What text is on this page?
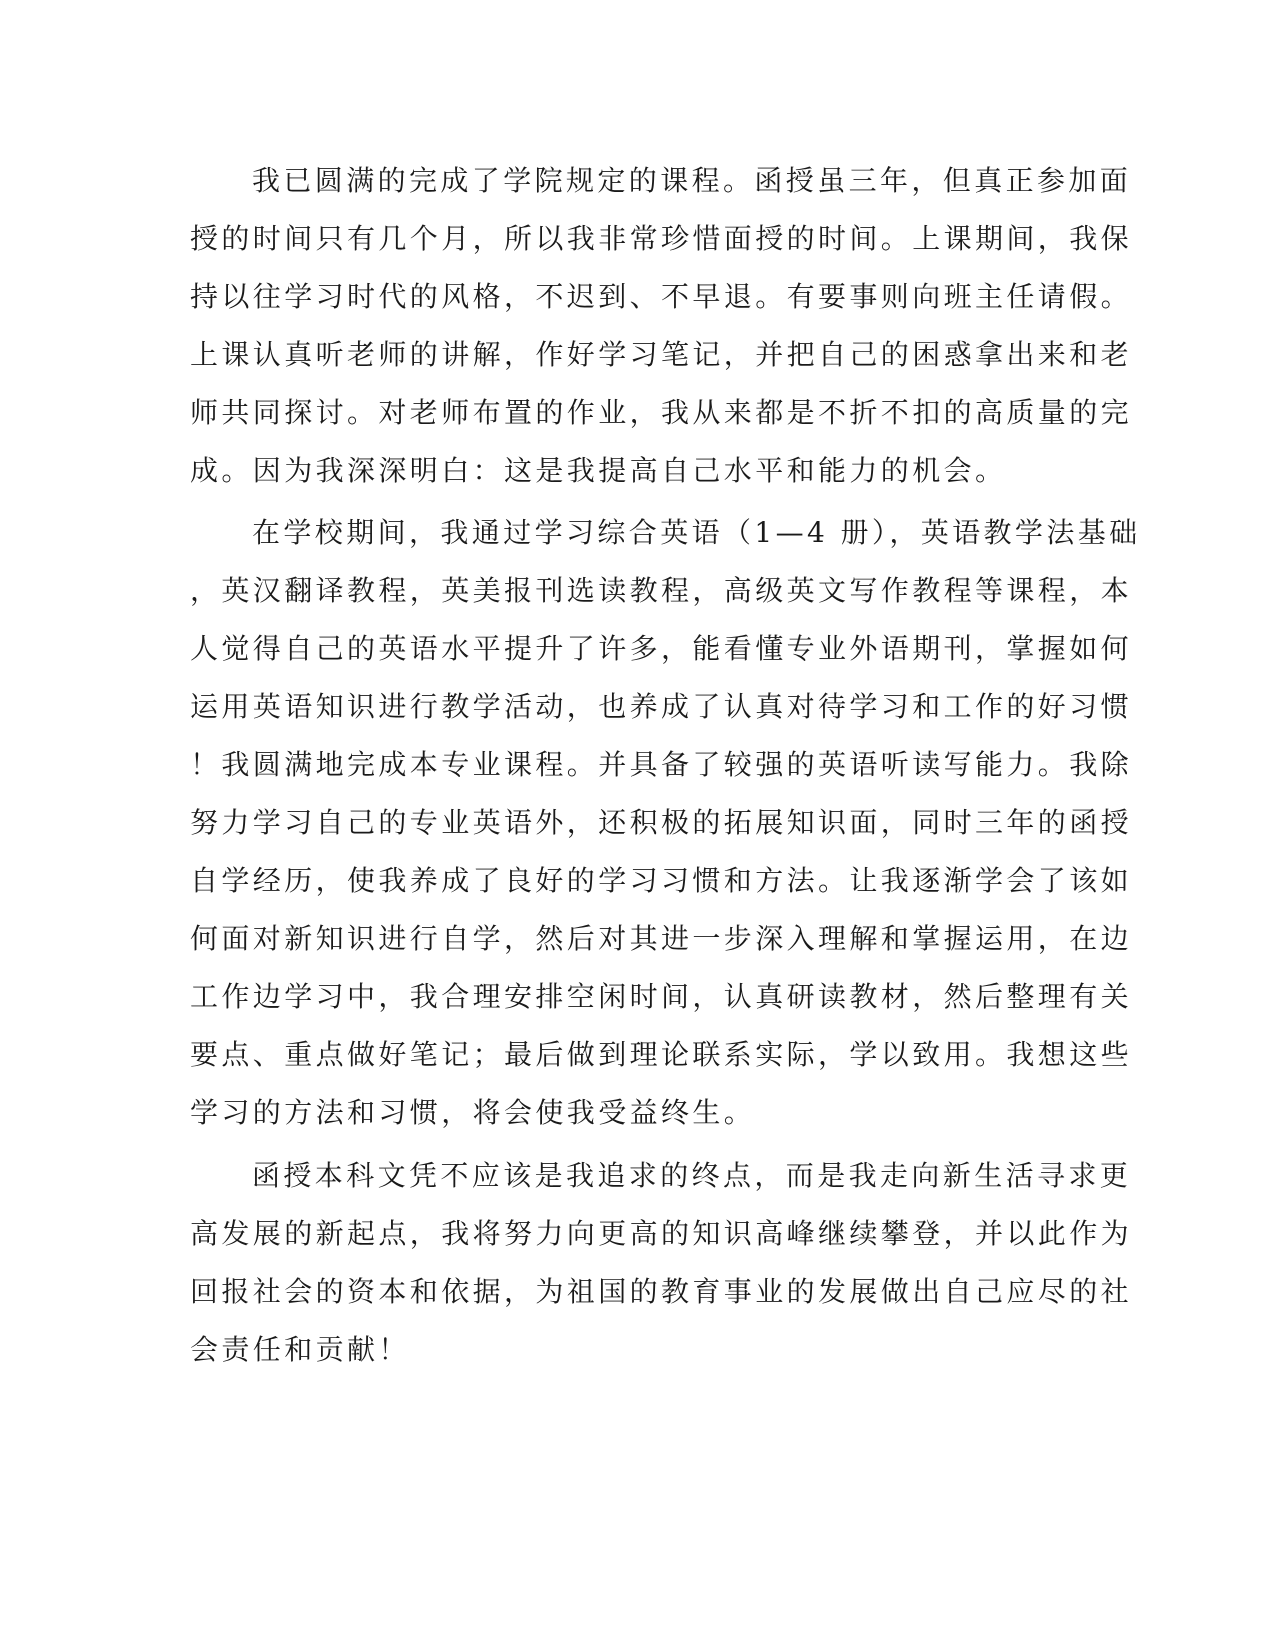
我已圆满的完成了学院规定的课程。函授虽三年，但真正参加面
授的时间只有几个月，所以我非常珍惜面授的时间。上课期间，我保
持以往学习时代的风格，不迟到、不早退。有要事则向班主任请假。
上课认真听老师的讲解，作好学习笔记，并把自己的困惑拿出来和老
师共同探讨。对老师布置的作业，我从来都是不折不扣的高质量的完
成。因为我深深明白：这是我提高自己水平和能力的机会。
在学校期间，我通过学习综合英语（1—4 册），英语教学法基础
，英汉翻译教程，英美报刊选读教程，高级英文写作教程等课程，本
人觉得自己的英语水平提升了许多，能看懂专业外语期刊，掌握如何
运用英语知识进行教学活动，也养成了认真对待学习和工作的好习惯
！我圆满地完成本专业课程。并具备了较强的英语听读写能力。我除
努力学习自己的专业英语外，还积极的拓展知识面，同时三年的函授
自学经历，使我养成了良好的学习习惯和方法。让我逐渐学会了该如
何面对新知识进行自学，然后对其进一步深入理解和掌握运用，在边
工作边学习中，我合理安排空闲时间，认真研读教材，然后整理有关
要点、重点做好笔记；最后做到理论联系实际，学以致用。我想这些
学习的方法和习惯，将会使我受益终生。
函授本科文凭不应该是我追求的终点，而是我走向新生活寻求更
高发展的新起点，我将努力向更高的知识高峰继续攀登，并以此作为
回报社会的资本和依据，为祖国的教育事业的发展做出自己应尽的社
会责任和贡献！
